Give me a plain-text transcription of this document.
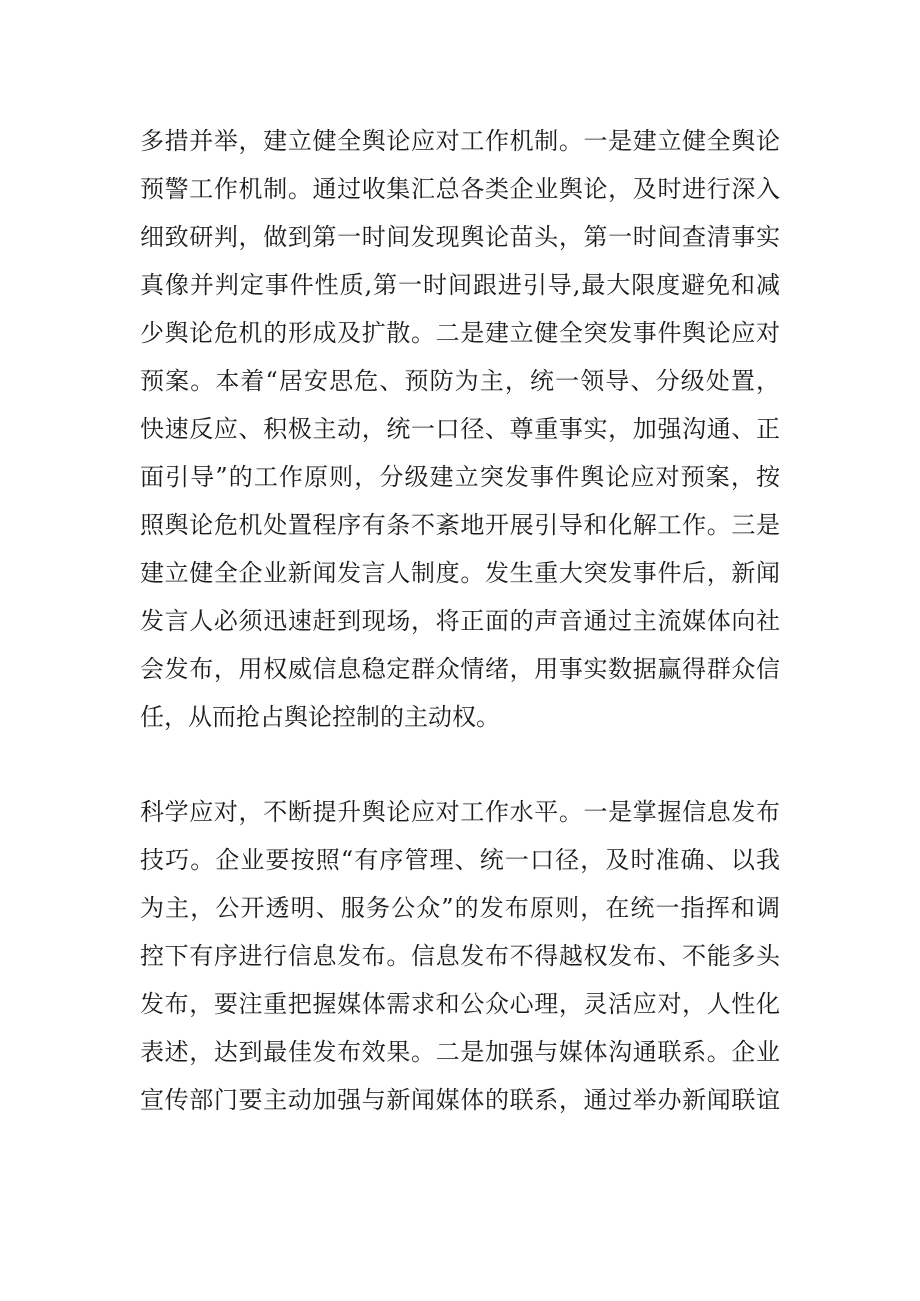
多措并举，建立健全舆论应对工作机制。一是建立健全舆论
预警工作机制。通过收集汇总各类企业舆论，及时进行深入
细致研判，做到第一时间发现舆论苗头，第一时间查清事实
真像并判定事件性质,第一时间跟进引导,最大限度避免和减
少舆论危机的形成及扩散。二是建立健全突发事件舆论应对
预案。本着“居安思危、预防为主，统一领导、分级处置，
快速反应、积极主动，统一口径、尊重事实，加强沟通、正
面引导”的工作原则，分级建立突发事件舆论应对预案，按
照舆论危机处置程序有条不紊地开展引导和化解工作。三是
建立健全企业新闻发言人制度。发生重大突发事件后，新闻
发言人必须迅速赶到现场，将正面的声音通过主流媒体向社
会发布，用权威信息稳定群众情绪，用事实数据赢得群众信
任，从而抢占舆论控制的主动权。

科学应对，不断提升舆论应对工作水平。一是掌握信息发布
技巧。企业要按照“有序管理、统一口径，及时准确、以我
为主，公开透明、服务公众”的发布原则，在统一指挥和调
控下有序进行信息发布。信息发布不得越权发布、不能多头
发布，要注重把握媒体需求和公众心理，灵活应对，人性化
表述，达到最佳发布效果。二是加强与媒体沟通联系。企业
宣传部门要主动加强与新闻媒体的联系，通过举办新闻联谊
